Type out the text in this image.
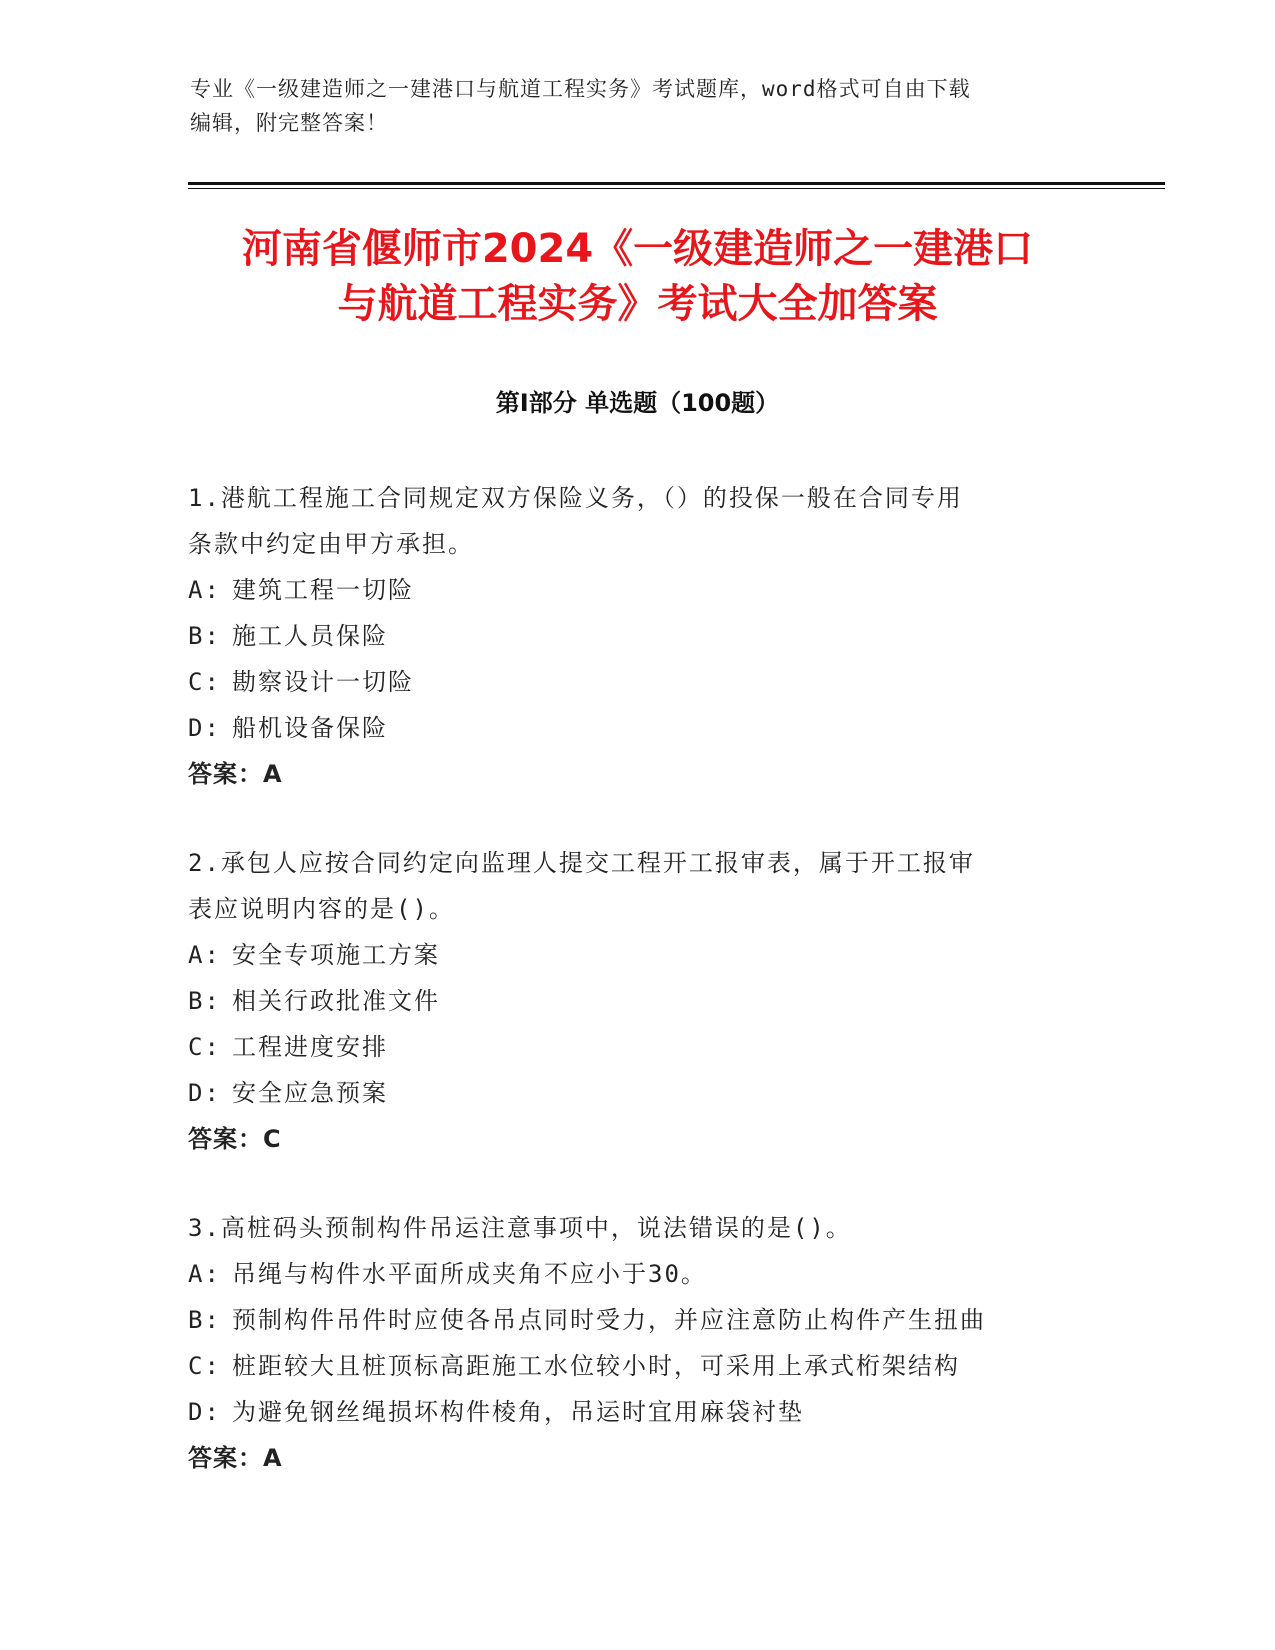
专业《一级建造师之一建港口与航道工程实务》考试题库，word格式可自由下载
编辑，附完整答案！
河南省偃师市2024《一级建造师之一建港口
与航道工程实务》考试大全加答案
第Ⅰ部分 单选题（100题）
1.港航工程施工合同规定双方保险义务，（）的投保一般在合同专用
条款中约定由甲方承担。
A: 建筑工程一切险
B: 施工人员保险
C: 勘察设计一切险
D: 船机设备保险
答案：A
2.承包人应按合同约定向监理人提交工程开工报审表，属于开工报审
表应说明内容的是()。
A: 安全专项施工方案
B: 相关行政批准文件
C: 工程进度安排
D: 安全应急预案
答案：C
3.高桩码头预制构件吊运注意事项中，说法错误的是()。
A: 吊绳与构件水平面所成夹角不应小于30。
B: 预制构件吊件时应使各吊点同时受力，并应注意防止构件产生扭曲
C: 桩距较大且桩顶标高距施工水位较小时，可采用上承式桁架结构
D: 为避免钢丝绳损坏构件棱角，吊运时宜用麻袋衬垫
答案：A
